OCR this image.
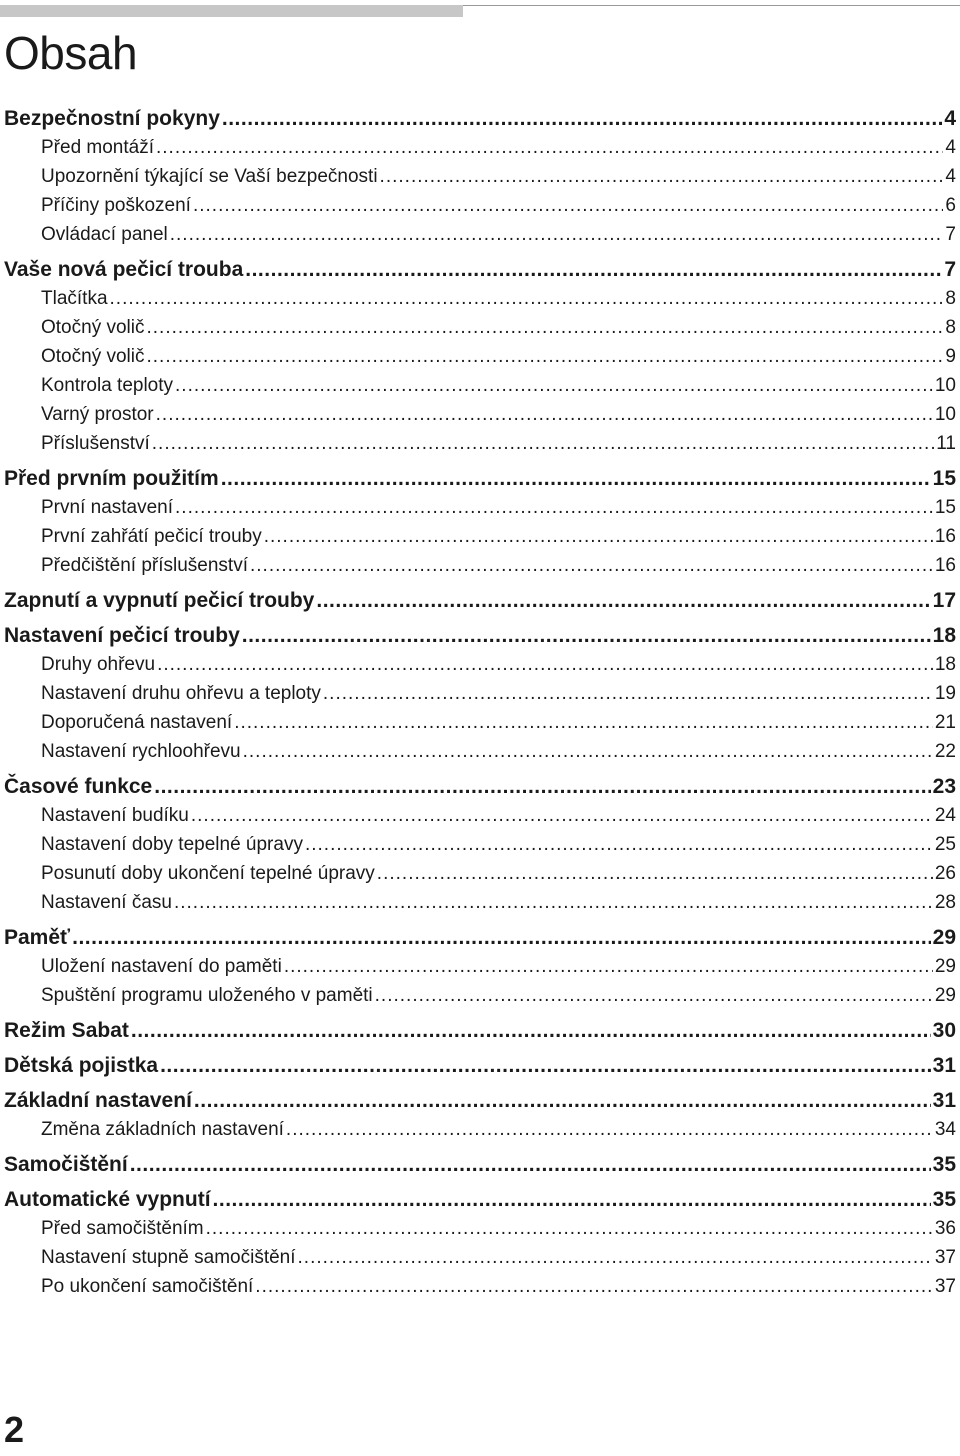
Obsah
Bezpečnostní pokyny .....	4
Před montáží .....	4
Upozornění týkající se Vaší bezpečnosti .....	4
Příčiny poškození .....	6
Ovládací panel .....	7
Vaše nová pečicí trouba .....	7
Tlačítka .....	8
Otočný volič .....	8
Otočný volič .....	9
Kontrola teploty .....	10
Varný prostor .....	10
Příslušenství .....	11
Před prvním použitím .....	15
První nastavení .....	15
První zahřátí pečicí trouby .....	16
Předčištění příslušenství .....	16
Zapnutí a vypnutí pečicí trouby .....	17
Nastavení pečicí trouby .....	18
Druhy ohřevu .....	18
Nastavení druhu ohřevu a teploty .....	19
Doporučená nastavení .....	21
Nastavení rychloohřevu .....	22
Časové funkce .....	23
Nastavení budíku .....	24
Nastavení doby tepelné úpravy .....	25
Posunutí doby ukončení tepelné úpravy .....	26
Nastavení času .....	28
Paměť .....	29
Uložení nastavení do paměti .....	29
Spuštění programu uloženého v paměti .....	29
Režim Sabat .....	30
Dětská pojistka .....	31
Základní nastavení .....	31
Změna základních nastavení .....	34
Samočištění .....	35
Automatické vypnutí .....	35
Před samočištěním .....	36
Nastavení stupně samočištění .....	37
Po ukončení samočištění .....	37
2
